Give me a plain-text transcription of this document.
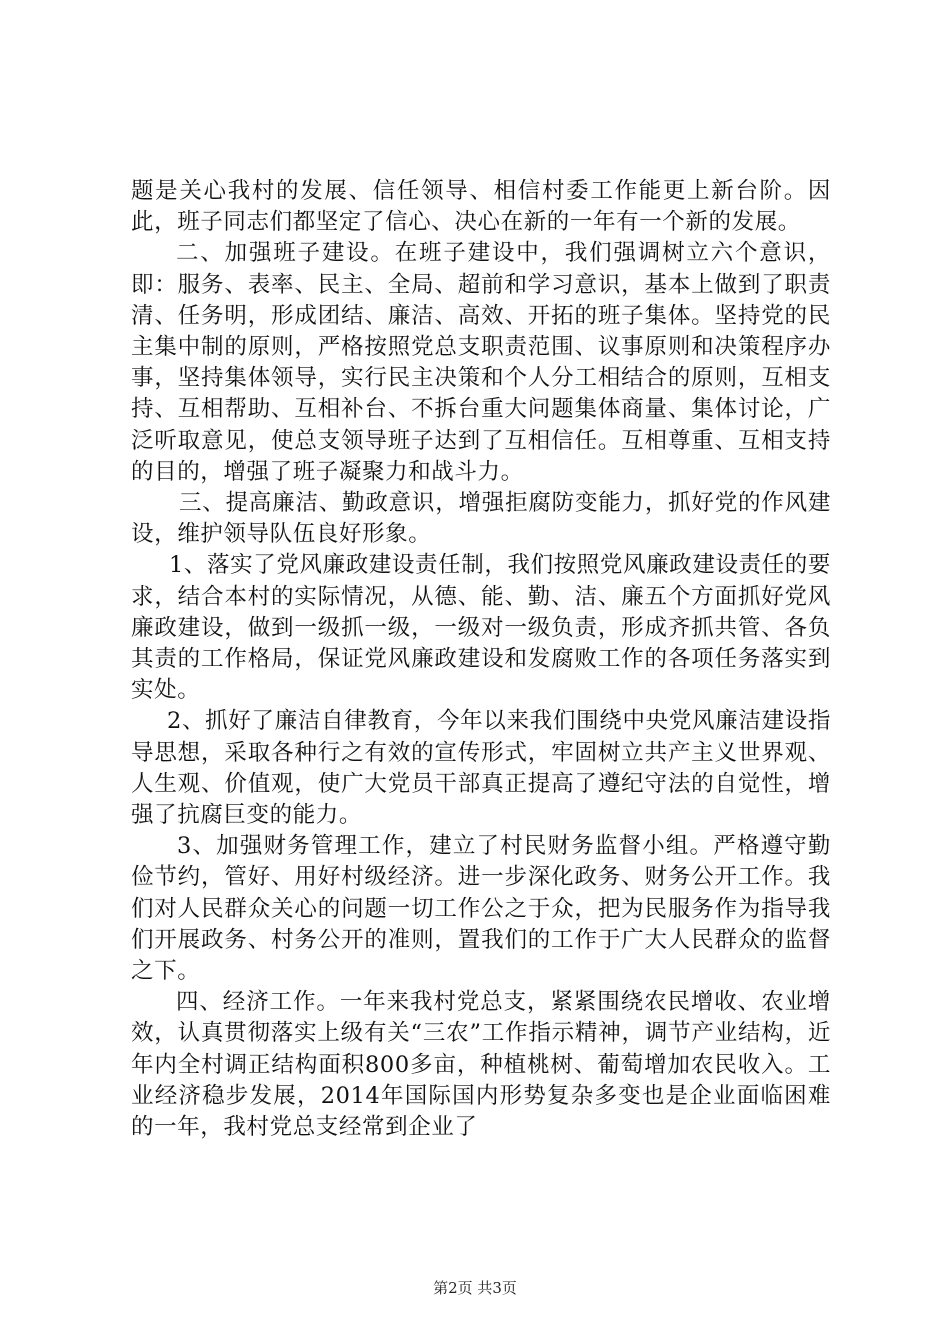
题是关心我村的发展、信任领导、相信村委工作能更上新台阶。因此，班子同志们都坚定了信心、决心在新的一年有一个新的发展。

二、加强班子建设。在班子建设中，我们强调树立六个意识，即：服务、表率、民主、全局、超前和学习意识，基本上做到了职责清、任务明，形成团结、廉洁、高效、开拓的班子集体。坚持党的民主集中制的原则，严格按照党总支职责范围、议事原则和决策程序办事，坚持集体领导，实行民主决策和个人分工相结合的原则，互相支持、互相帮助、互相补台、不拆台重大问题集体商量、集体讨论，广泛听取意见，使总支领导班子达到了互相信任。互相尊重、互相支持的目的，增强了班子凝聚力和战斗力。

三、提高廉洁、勤政意识，增强拒腐防变能力，抓好党的作风建设，维护领导队伍良好形象。

1、落实了党风廉政建设责任制，我们按照党风廉政建设责任的要求，结合本村的实际情况，从德、能、勤、洁、廉五个方面抓好党风廉政建设，做到一级抓一级，一级对一级负责，形成齐抓共管、各负其责的工作格局，保证党风廉政建设和发腐败工作的各项任务落实到实处。

2、抓好了廉洁自律教育，今年以来我们围绕中央党风廉洁建设指导思想，采取各种行之有效的宣传形式，牢固树立共产主义世界观、人生观、价值观，使广大党员干部真正提高了遵纪守法的自觉性，增强了抗腐巨变的能力。

3、加强财务管理工作，建立了村民财务监督小组。严格遵守勤俭节约，管好、用好村级经济。进一步深化政务、财务公开工作。我们对人民群众关心的问题一切工作公之于众，把为民服务作为指导我们开展政务、村务公开的准则，置我们的工作于广大人民群众的监督之下。

四、经济工作。一年来我村党总支，紧紧围绕农民增收、农业增效，认真贯彻落实上级有关“三农”工作指示精神，调节产业结构，近年内全村调正结构面积800多亩，种植桃树、葡萄增加农民收入。工业经济稳步发展，2014年国际国内形势复杂多变也是企业面临困难的一年，我村党总支经常到企业了

第2页 共3页
